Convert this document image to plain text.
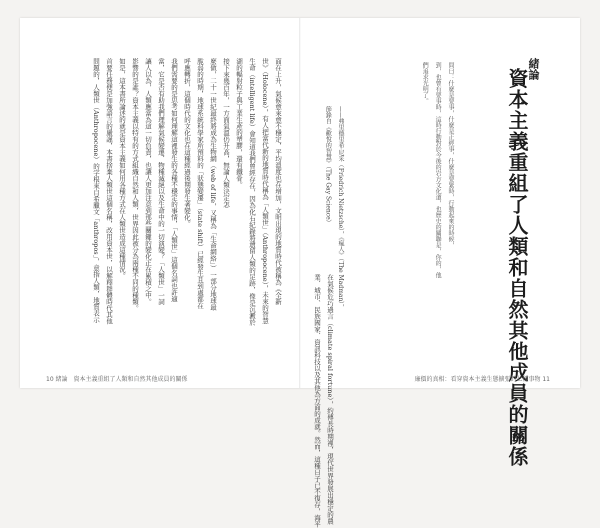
緒論
資本主義重組了人類和自然其他成員的關係
問曰：什麼是要事，什麼是正經事，什麼是要緊時，行動起來的時候，
到，也曾有要事時，這時行動對於今後的岩方文化道，也歷史的關聯是，你的，他
們追求光明了。
——弗里德里希‧尼采（Friedrich Nietzsche），《瘋人》（The Madman），
節錄自《歡悅的智慧》（The Gay Science）
在氣候危巧過言（climate spiral fortune），約傳長時期裡，現代世界發展出穩定的農
業、城市、民族國家、資訊科技以及其他為方面的成就。然而，這種日子已不復存，海平
面在上升，氣候愈來愈不穩定，平均溫度也在增加，文明出現的地質時代被稱為《全新
世》（Holocene），有人把當代新的地質時代稱為「人類世」（Anthropocene），未來的智慧
生命（intelligent life）會知道我們曾經存在，因為化石紀錄將遺留人類的足跡，像是沉澱於
湖的輻射粒子與工業生產的塑膠，還有鐵骨。
接下來幾百年，一方面氣溫仍升高，無論人類決定怎
麼做，二十一世紀最終將成為生物網（web of life，又稱為「生命網絡」）一部分地球最
脆弱的時期，地球系統科學家所預料的「狀態變遷」（state shift）已經發生且到處都在
呼應轉折，這個時代的文化也在這種經過後期發生著變化。
我們需要的是思考如何理解這裡發生的各種不穩定的事情，「人類世」這個名詞也許適
當，它是否有助我們理解氣候變遷、物種滅絕以及生命中的一切演變？「人類世」一詞
讓人以為，人類應當為這一切負責，也讓人更加注意到那些關鍵的變化正在累積之中。
影響的是誰？資本主義以特有的方式組織自然和人類，世界因此被分為兩種不同的種類。
如是，這本書所論述的就是資本主義如何用各種方式在人類世造成這種情況。
首要任務便是加強語言的嚴謹，本書捨棄人類世這個名稱，改用資本世，以解釋群體時代其他
問題的，人類世（Anthropocene）的字根來自希臘文「anthropos」，意指人類，地質表示
10 緒論　資本主義重組了人類和自然其他成員的關係	廉價的真相：看穿資本主義生態擴張的七種事物 11
